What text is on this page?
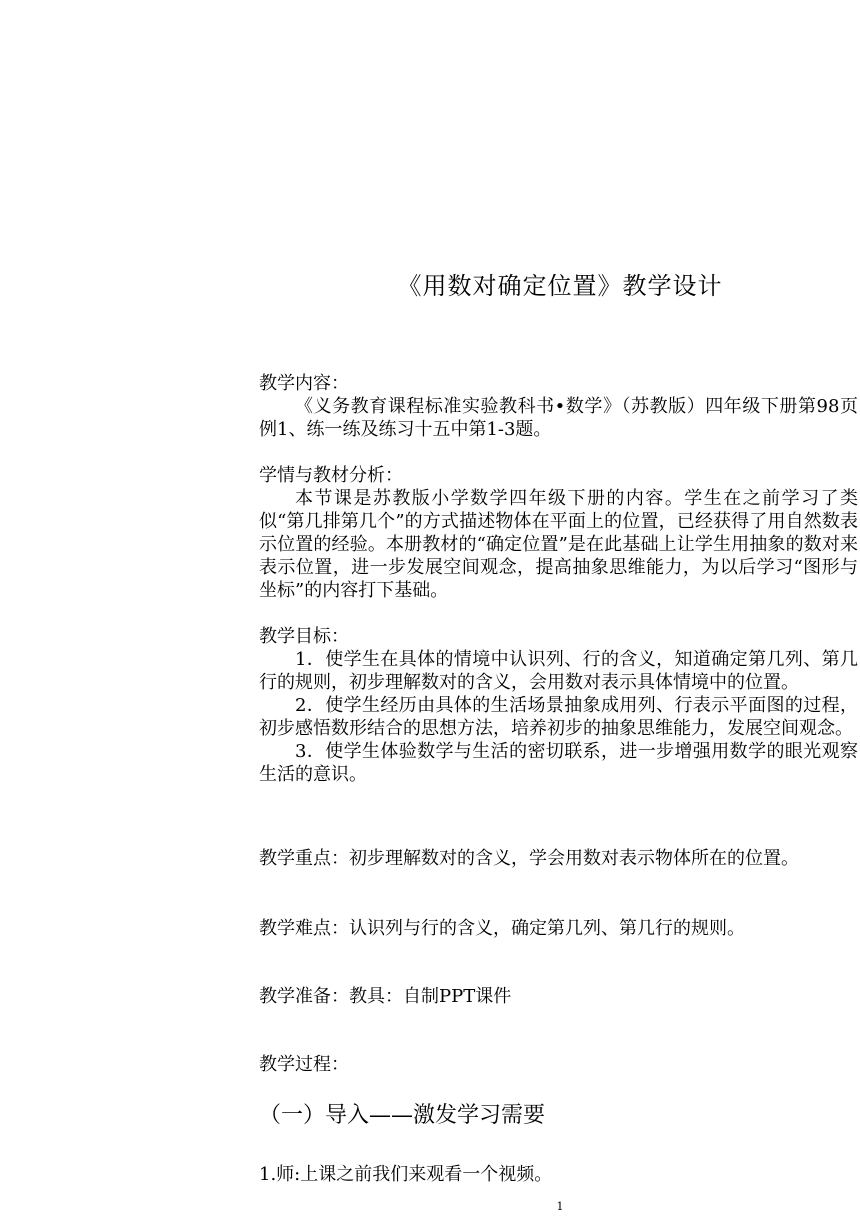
《用数对确定位置》教学设计

教学内容：

《义务教育课程标准实验教科书•数学》（苏教版）四年级下册第98页例1、练一练及练习十五中第1-3题。

学情与教材分析：

本节课是苏教版小学数学四年级下册的内容。学生在之前学习了类似“第几排第几个”的方式描述物体在平面上的位置，已经获得了用自然数表示位置的经验。本册教材的“确定位置”是在此基础上让学生用抽象的数对来表示位置，进一步发展空间观念，提高抽象思维能力，为以后学习“图形与坐标”的内容打下基础。

教学目标：

1．使学生在具体的情境中认识列、行的含义，知道确定第几列、第几行的规则，初步理解数对的含义，会用数对表示具体情境中的位置。

2．使学生经历由具体的生活场景抽象成用列、行表示平面图的过程，初步感悟数形结合的思想方法，培养初步的抽象思维能力，发展空间观念。

3．使学生体验数学与生活的密切联系，进一步增强用数学的眼光观察生活的意识。

教学重点：初步理解数对的含义，学会用数对表示物体所在的位置。

教学难点：认识列与行的含义，确定第几列、第几行的规则。

教学准备：教具：自制PPT课件

教学过程：

（一）导入——激发学习需要

1.师:上课之前我们来观看一个视频。

1
